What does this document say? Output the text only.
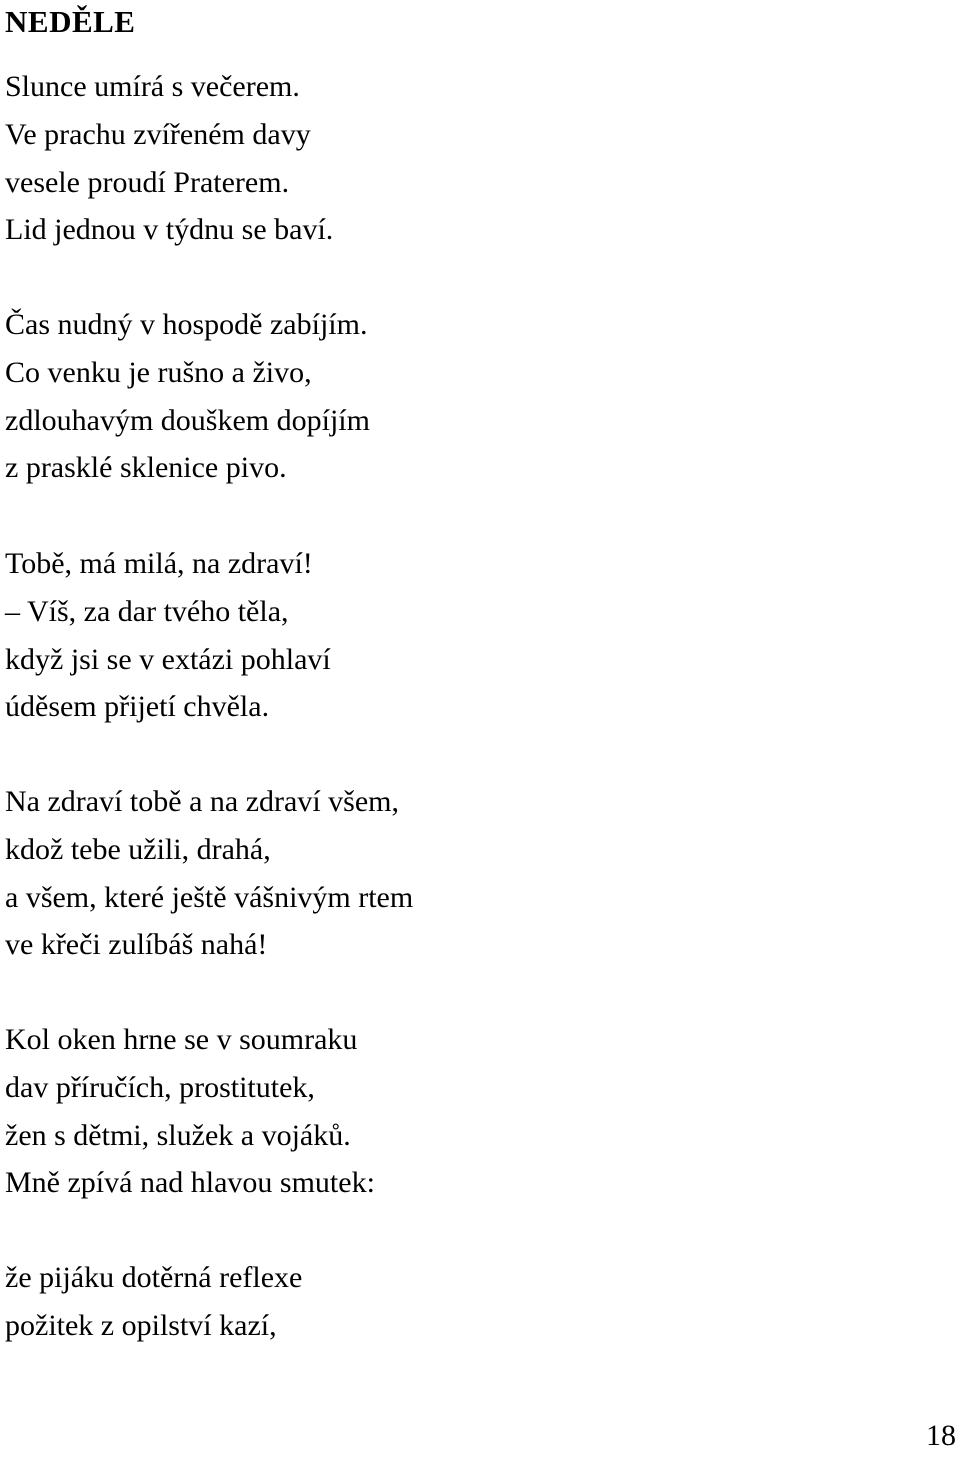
NEDĚLE
Slunce umírá s večerem.
Ve prachu zvířeném davy
vesele proudí Praterem.
Lid jednou v týdnu se baví.
Čas nudný v hospodě zabíjím.
Co venku je rušno a živo,
zdlouhavým douškem dopíjím
z prasklé sklenice pivo.
Tobě, má milá, na zdraví!
– Víš, za dar tvého těla,
když jsi se v extázi pohlaví
úděsem přijetí chvěla.
Na zdraví tobě a na zdraví všem,
kdož tebe užili, drahá,
a všem, které ještě vášnivým rtem
ve křeči zulíbáš nahá!
Kol oken hrne se v soumraku
dav příručích, prostitutek,
žen s dětmi, služek a vojáků.
Mně zpívá nad hlavou smutek:
že pijáku dotěrná reflexe
požitek z opilství kazí,
18
